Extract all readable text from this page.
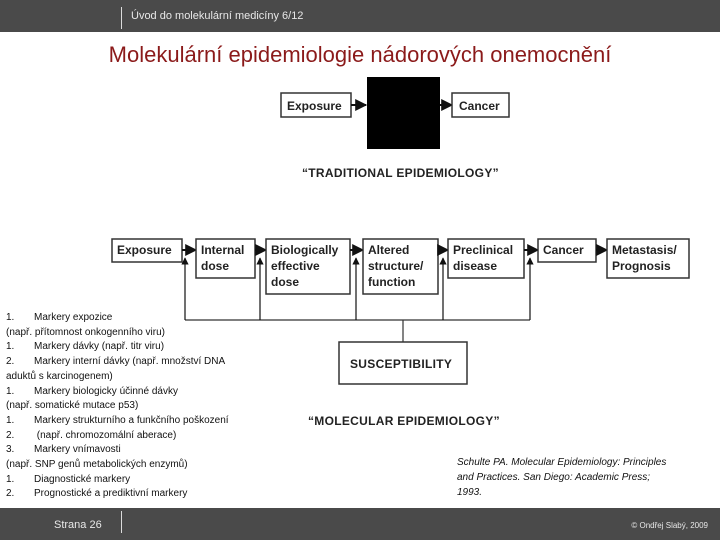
Úvod do molekulární medicíny 6/12
Molekulární epidemiologie nádorových onemocnění
Exposure	Cancer
“TRADITIONAL EPIDEMIOLOGY”
Exposure Internal
dose
Biologically
effective
dose
Altered
structure/
function
Preclinical
disease
Cancer Metastasis/
Prognosis
SUSCEPTIBILITY
“MOLECULAR EPIDEMIOLOGY”
1. Markery expozice
(např. přítomnost onkogenního viru)
1. Markery dávky (např. titr viru)
2. Markery interní dávky (např. množství DNA
aduktů s karcinogenem)
1. Markery biologicky účinné dávky
(např. somatické mutace p53)
1. Markery strukturního a funkčního poškození
2. (např. chromozomální aberace)
3. Markery vnímavosti
(např. SNP genů metabolických enzymů)
1. Diagnostické markery
2. Prognostické a prediktivní markery
Schulte PA. Molecular Epidemiology: Principles
and Practices. San Diego: Academic Press;
1993.
Strana 26	© Ondřej Slabý, 2009
